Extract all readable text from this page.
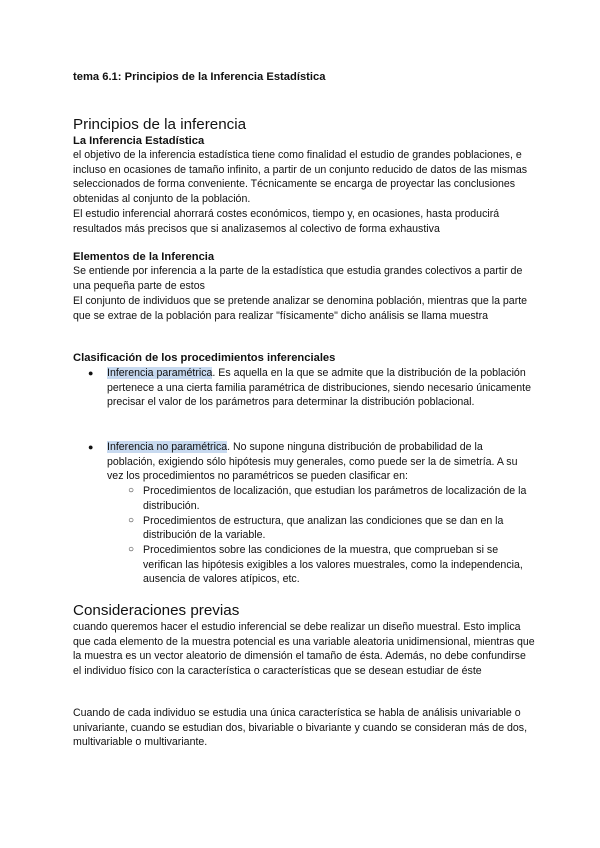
tema 6.1: Principios de la Inferencia Estadística
Principios de la inferencia
La Inferencia Estadística
el objetivo de la inferencia estadística tiene como finalidad el estudio de grandes poblaciones, e incluso en ocasiones de tamaño infinito, a partir de un conjunto reducido de datos de las mismas seleccionados de forma conveniente. Técnicamente se encarga de proyectar las conclusiones obtenidas al conjunto de la población.
El estudio inferencial ahorrará costes económicos, tiempo y, en ocasiones, hasta producirá resultados más precisos que si analizasemos al colectivo de forma exhaustiva
Elementos de la Inferencia
Se entiende por inferencia a la parte de la estadística que estudia grandes colectivos a partir de una pequeña parte de estos
El conjunto de individuos que se pretende analizar se denomina población, mientras que la parte que se extrae de la población para realizar "físicamente" dicho análisis se llama muestra
Clasificación de los procedimientos inferenciales
● Inferencia paramétrica. Es aquella en la que se admite que la distribución de la población pertenece a una cierta familia paramétrica de distribuciones, siendo necesario únicamente precisar el valor de los parámetros para determinar la distribución poblacional.
● Inferencia no paramétrica. No supone ninguna distribución de probabilidad de la población, exigiendo sólo hipótesis muy generales, como puede ser la de simetría. A su vez los procedimientos no paramétricos se pueden clasificar en:
○ Procedimientos de localización, que estudian los parámetros de localización de la distribución.
○ Procedimientos de estructura, que analizan las condiciones que se dan en la distribución de la variable.
○ Procedimientos sobre las condiciones de la muestra, que comprueban si se verifican las hipótesis exigibles a los valores muestrales, como la independencia, ausencia de valores atípicos, etc.
Consideraciones previas
cuando queremos hacer el estudio inferencial se debe realizar un diseño muestral. Esto implica que cada elemento de la muestra potencial es una variable aleatoria unidimensional, mientras que la muestra es un vector aleatorio de dimensión el tamaño de ésta. Además, no debe confundirse el individuo físico con la característica o características que se desean estudiar de éste
Cuando de cada individuo se estudia una única característica se habla de análisis univariable o univariante, cuando se estudian dos, bivariable o bivariante y cuando se consideran más de dos, multivariable o multivariante.
